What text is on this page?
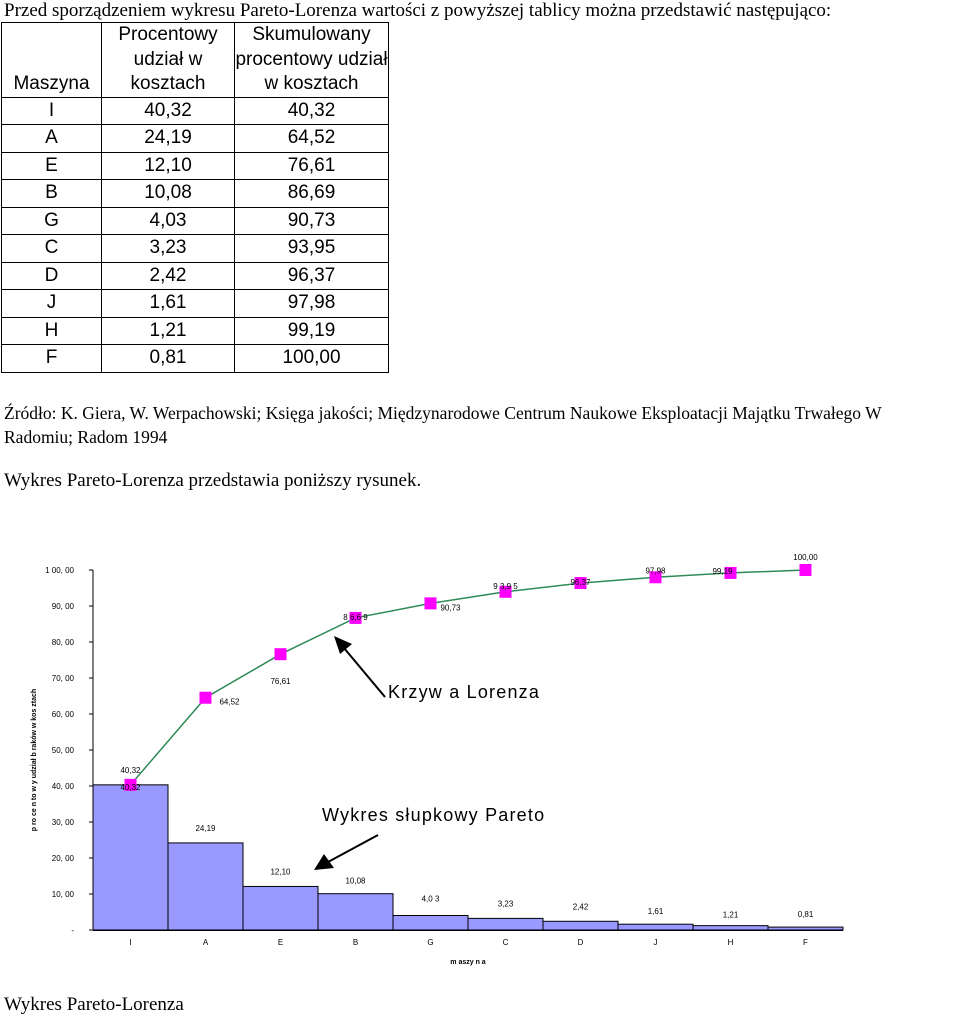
Przed sporządzeniem wykresu Pareto-Lorenza wartości z powyższej tablicy można przedstawić następująco:
Maszyna	Procentowy udział w kosztach	Skumulowany procentowy udział w kosztach
I	40,32	40,32
A	24,19	64,52
E	12,10	76,61
B	10,08	86,69
G	4,03	90,73
C	3,23	93,95
D	2,42	96,37
J	1,61	97,98
H	1,21	99,19
F	0,81	100,00
Źródło: K. Giera, W. Werpachowski; Księga jakości; Międzynarodowe Centrum Naukowe Eksploatacji Majątku Trwałego W Radomiu; Radom 1994
Wykres Pareto-Lorenza przedstawia poniższy rysunek.
-
10, 00
20, 00
30, 00
40, 00
50, 00
60, 00
70, 00
80, 00
90, 00
1 00, 00
I	A	E	B	G	C	D	J	H	F
m aszy n a
p ro ce n to w y udział b raków w kos ztach	40,32
24,19
12,10
10,08
4,0 3
3,23	2,42
1,61	1,21	0,81
40,32
64,52
76,61
8 6,6 9
90,73
9 3,9 5	96,37
97,98	99,19
100,00
Krzyw a Lorenza
Wykres słupkowy Pareto
Wykres Pareto-Lorenza
